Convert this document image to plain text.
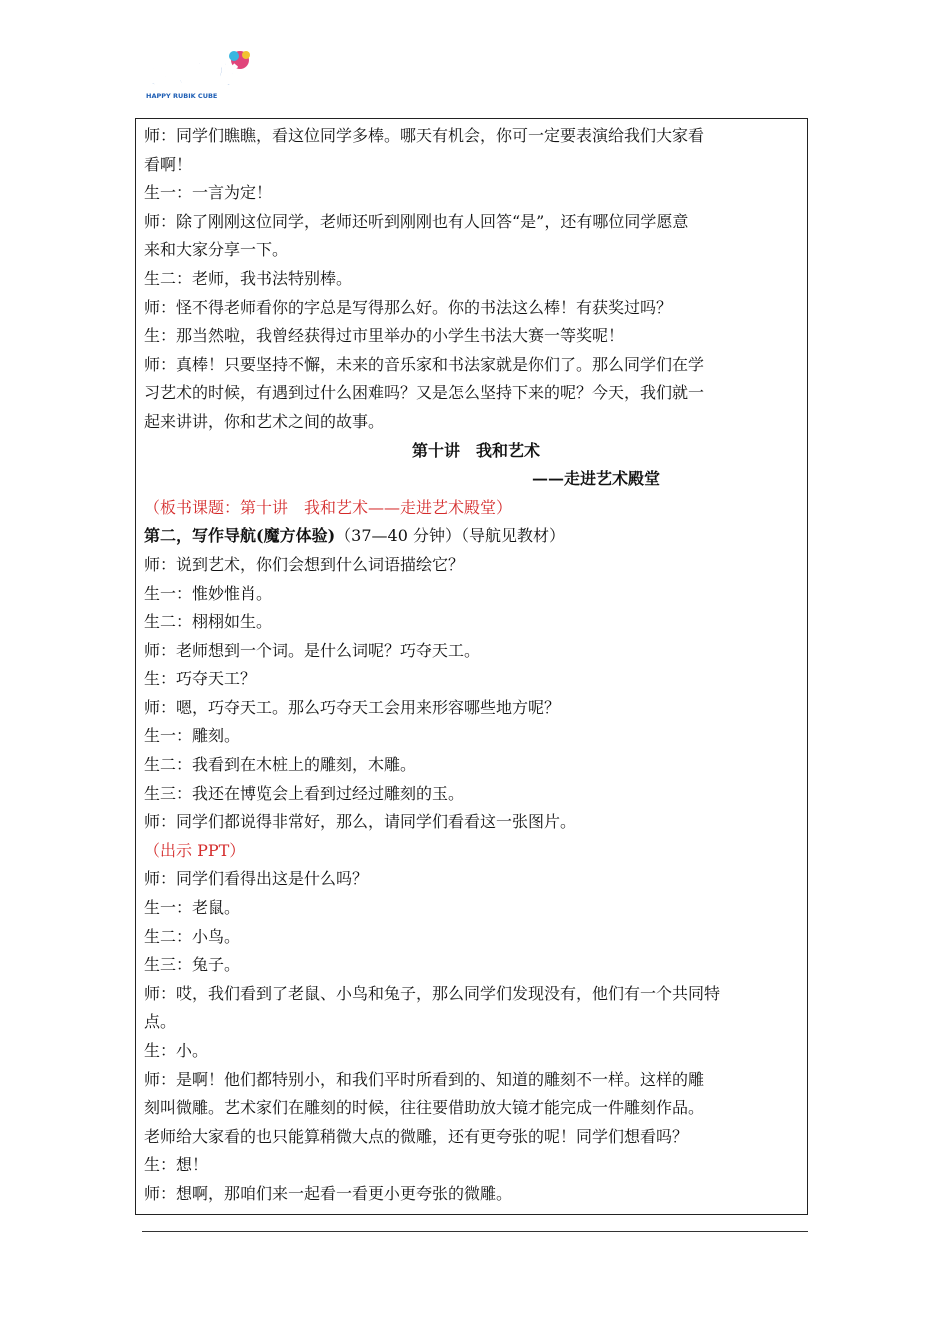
快乐魔方
HAPPY RUBIK CUBE
师：同学们瞧瞧，看这位同学多棒。哪天有机会，你可一定要表演给我们大家看
看啊！
生一：一言为定！
师：除了刚刚这位同学，老师还听到刚刚也有人回答“是”，还有哪位同学愿意
来和大家分享一下。
生二：老师，我书法特别棒。
师：怪不得老师看你的字总是写得那么好。你的书法这么棒！有获奖过吗？
生：那当然啦，我曾经获得过市里举办的小学生书法大赛一等奖呢！
师：真棒！只要坚持不懈，未来的音乐家和书法家就是你们了。那么同学们在学
习艺术的时候，有遇到过什么困难吗？又是怎么坚持下来的呢？今天，我们就一
起来讲讲，你和艺术之间的故事。
第十讲　我和艺术
——走进艺术殿堂
（板书课题：第十讲　我和艺术——走进艺术殿堂）
第二，写作导航(魔方体验)（37—40 分钟）（导航见教材）
师：说到艺术，你们会想到什么词语描绘它？
生一：惟妙惟肖。
生二：栩栩如生。
师：老师想到一个词。是什么词呢？巧夺天工。
生：巧夺天工？
师：嗯，巧夺天工。那么巧夺天工会用来形容哪些地方呢？
生一：雕刻。
生二：我看到在木桩上的雕刻，木雕。
生三：我还在博览会上看到过经过雕刻的玉。
师：同学们都说得非常好，那么，请同学们看看这一张图片。
（出示 PPT）
师：同学们看得出这是什么吗？
生一：老鼠。
生二：小鸟。
生三：兔子。
师：哎，我们看到了老鼠、小鸟和兔子，那么同学们发现没有，他们有一个共同特
点。
生：小。
师：是啊！他们都特别小，和我们平时所看到的、知道的雕刻不一样。这样的雕
刻叫微雕。艺术家们在雕刻的时候，往往要借助放大镜才能完成一件雕刻作品。
老师给大家看的也只能算稍微大点的微雕，还有更夸张的呢！同学们想看吗？
生：想！
师：想啊，那咱们来一起看一看更小更夸张的微雕。
